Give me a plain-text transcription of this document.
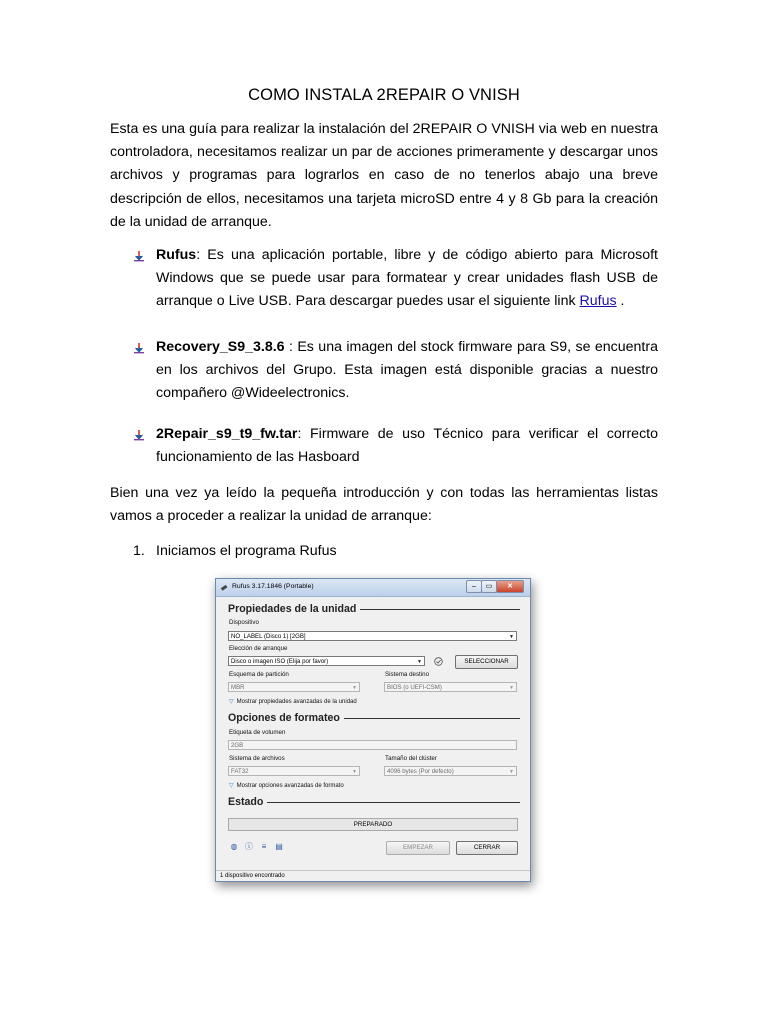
COMO INSTALA 2REPAIR O VNISH

Esta es una guía para realizar la instalación del 2REPAIR O VNISH via web en nuestra controladora, necesitamos realizar un par de acciones primeramente y descargar unos archivos y programas para lograrlos en caso de no tenerlos abajo una breve descripción de ellos, necesitamos una tarjeta microSD entre 4 y 8 Gb para la creación de la unidad de arranque.

Rufus: Es una aplicación portable, libre y de código abierto para Microsoft Windows que se puede usar para formatear y crear unidades flash USB de arranque o Live USB. Para descargar puedes usar el siguiente link Rufus .

Recovery_S9_3.8.6 : Es una imagen del stock firmware para S9, se encuentra en los archivos del Grupo. Esta imagen está disponible gracias a nuestro compañero @Wideelectronics.

2Repair_s9_t9_fw.tar: Firmware de uso Técnico para verificar el correcto funcionamiento de las Hasboard

Bien una vez ya leído la pequeña introducción y con todas las herramientas listas vamos a proceder a realizar la unidad de arranque:

1. Iniciamos el programa Rufus
Rufus 3.17.1846 (Portable)	–	▭	✕
Propiedades de la unidad
Dispositivo
NO_LABEL (Disco 1) [2GB]	▼
Elección de arranque
Disco o imagen ISO (Elija por favor)	▼	SELECCIONAR
Esquema de partición
MBR	▼
Sistema destino
BIOS (o UEFI-CSM)	▼
▽ Mostrar propiedades avanzadas de la unidad
Opciones de formateo
Etiqueta de volumen
2GB
Sistema de archivos
FAT32	▼
Tamaño del clúster
4096 bytes (Por defecto)	▼
▽ Mostrar opciones avanzadas de formato
Estado
PREPARADO
◍ ⓘ	≡	▤	EMPEZAR	CERRAR
1 dispositivo encontrado
